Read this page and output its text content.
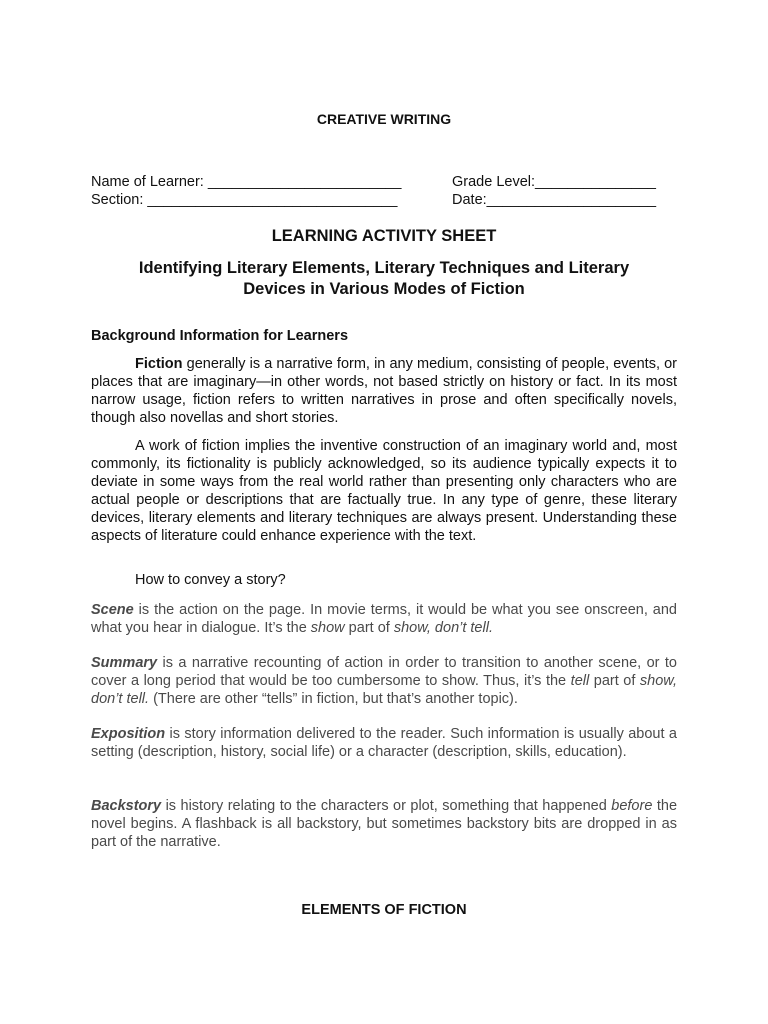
CREATIVE WRITING
Name of Learner: ________________________	Grade Level:_______________
Section: _______________________________	Date:_____________________
LEARNING ACTIVITY SHEET
Identifying Literary Elements, Literary Techniques and Literary
Devices in Various Modes of Fiction
Background Information for Learners

Fiction generally is a narrative form, in any medium, consisting of people, events, or places that are imaginary—in other words, not based strictly on history or fact. In its most narrow usage, fiction refers to written narratives in prose and often specifically novels, though also novellas and short stories.

A work of fiction implies the inventive construction of an imaginary world and, most commonly, its fictionality is publicly acknowledged, so its audience typically expects it to deviate in some ways from the real world rather than presenting only characters who are actual people or descriptions that are factually true. In any type of genre, these literary devices, literary elements and literary techniques are always present. Understanding these aspects of literature could enhance experience with the text.

How to convey a story?

Scene is the action on the page. In movie terms, it would be what you see onscreen, and what you hear in dialogue. It’s the show part of show, don’t tell.

Summary is a narrative recounting of action in order to transition to another scene, or to cover a long period that would be too cumbersome to show. Thus, it’s the tell part of show, don’t tell. (There are other “tells” in fiction, but that’s another topic).

Exposition is story information delivered to the reader. Such information is usually about a setting (description, history, social life) or a character (description, skills, education).

Backstory is history relating to the characters or plot, something that happened before the novel begins. A flashback is all backstory, but sometimes backstory bits are dropped in as part of the narrative.

ELEMENTS OF FICTION
